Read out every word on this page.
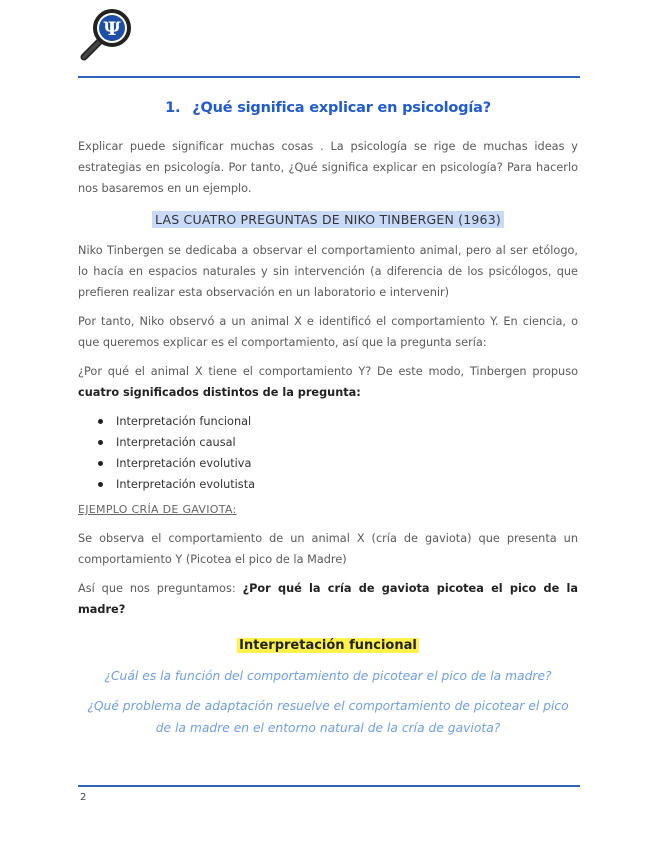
Ψ
1. ¿Qué significa explicar en psicología?

Explicar puede significar muchas cosas . La psicología se rige de muchas ideas y estrategias en psicología. Por tanto, ¿Qué significa explicar en psicología? Para hacerlo nos basaremos en un ejemplo.

LAS CUATRO PREGUNTAS DE NIKO TINBERGEN (1963)

Niko Tinbergen se dedicaba a observar el comportamiento animal, pero al ser etólogo, lo hacía en espacios naturales y sin intervención (a diferencia de los psicólogos, que prefieren realizar esta observación en un laboratorio e intervenir)

Por tanto, Niko observó a un animal X e identificó el comportamiento Y. En ciencia, o que queremos explicar es el comportamiento, así que la pregunta sería:

¿Por qué el animal X tiene el comportamiento Y? De este modo, Tinbergen propuso cuatro significados distintos de la pregunta:

Interpretación funcional
Interpretación causal
Interpretación evolutiva
Interpretación evolutista
EJEMPLO CRÍA DE GAVIOTA:

Se observa el comportamiento de un animal X (cría de gaviota) que presenta un comportamiento Y (Picotea el pico de la Madre)

Así que nos preguntamos: ¿Por qué la cría de gaviota picotea el pico de la madre?

Interpretación funcional

¿Cuál es la función del comportamiento de picotear el pico de la madre?

¿Qué problema de adaptación resuelve el comportamiento de picotear el pico de la madre en el entorno natural de la cría de gaviota?

2
